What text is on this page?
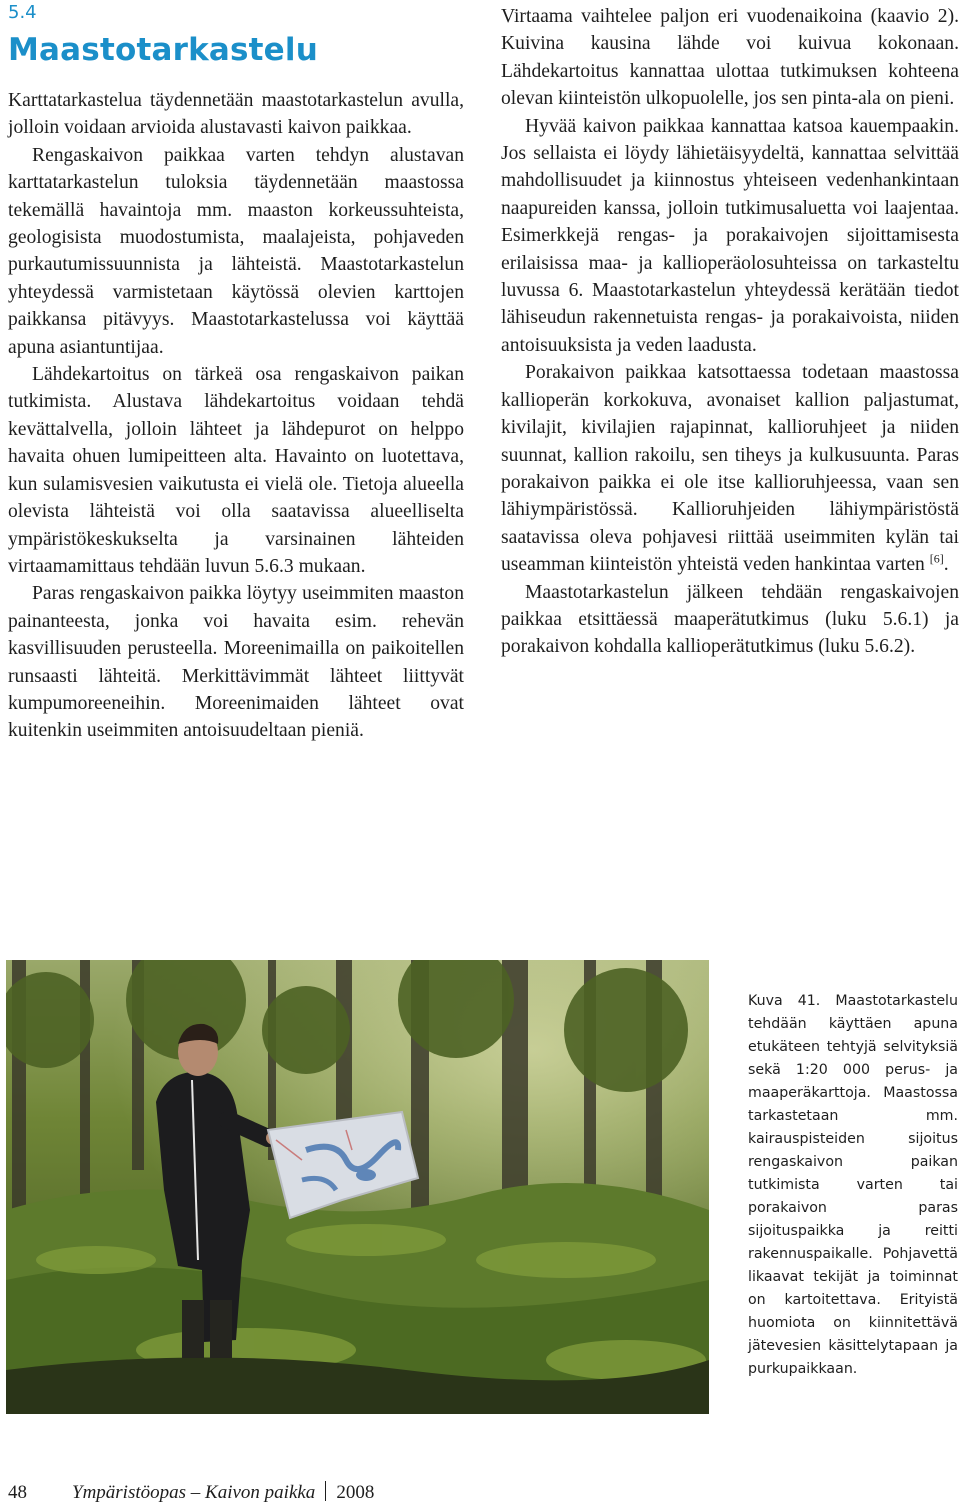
5.4
Maastotarkastelu

Karttatarkastelua täydennetään maastotarkastelun avulla, jolloin voidaan arvioida alustavasti kaivon paikkaa.

Rengaskaivon paikkaa varten tehdyn alustavan karttatarkastelun tuloksia täydennetään maastossa tekemällä havaintoja mm. maaston korkeussuhteista, geologisista muodostumista, maalajeista, pohjaveden purkautumissuunnista ja lähteistä. Maastotarkastelun yhteydessä varmistetaan käytössä olevien karttojen paikkansa pitävyys. Maastotarkastelussa voi käyttää apuna asiantuntijaa.

Lähdekartoitus on tärkeä osa rengaskaivon paikan tutkimista. Alustava lähdekartoitus voidaan tehdä kevättalvella, jolloin lähteet ja lähdepurot on helppo havaita ohuen lumipeitteen alta. Havainto on luotettava, kun sulamisvesien vaikutusta ei vielä ole. Tietoja alueella olevista lähteistä voi olla saatavissa alueelliselta ympäristökeskukselta ja varsinainen lähteiden virtaamamittaus tehdään luvun 5.6.3 mukaan.

Paras rengaskaivon paikka löytyy useimmiten maaston painanteesta, jonka voi havaita esim. rehevän kasvillisuuden perusteella. Moreenimailla on paikoitellen runsaasti lähteitä. Merkittävimmät lähteet liittyvät kumpumoreeneihin. Moreenimaiden lähteet ovat kuitenkin useimmiten antoisuudeltaan pieniä.

Virtaama vaihtelee paljon eri vuodenaikoina (kaavio 2). Kuivina kausina lähde voi kuivua kokonaan. Lähdekartoitus kannattaa ulottaa tutkimuksen kohteena olevan kiinteistön ulkopuolelle, jos sen pinta-ala on pieni.

Hyvää kaivon paikkaa kannattaa katsoa kauempaakin. Jos sellaista ei löydy lähietäisyydeltä, kannattaa selvittää mahdollisuudet ja kiinnostus yhteiseen vedenhankintaan naapureiden kanssa, jolloin tutkimusaluetta voi laajentaa. Esimerkkejä rengas- ja porakaivojen sijoittamisesta erilaisissa maa- ja kallioperäolosuhteissa on tarkasteltu luvussa 6. Maastotarkastelun yhteydessä kerätään tiedot lähiseudun rakennetuista rengas- ja porakaivoista, niiden antoisuuksista ja veden laadusta.

Porakaivon paikkaa katsottaessa todetaan maastossa kallioperän korkokuva, avonaiset kallion paljastumat, kivilajit, kivilajien rajapinnat, kallioruhjeet ja niiden suunnat, kallion rakoilu, sen tiheys ja kulkusuunta. Paras porakaivon paikka ei ole itse kallioruhjeessa, vaan sen lähiympäristössä. Kallioruhjeiden lähiympäristöstä saatavissa oleva pohjavesi riittää useimmiten kylän tai useamman kiinteistön yhteistä veden hankintaa varten [6].

Maastotarkastelun jälkeen tehdään rengaskaivojen paikkaa etsittäessä maaperätutkimus (luku 5.6.1) ja porakaivon kohdalla kallioperätutkimus (luku 5.6.2).

Kuva 41. Maastotarkastelu tehdään käyttäen apuna etukäteen tehtyjä selvityksiä sekä 1:20 000 perus- ja maaperäkarttoja. Maastossa tarkastetaan mm. kairauspisteiden sijoitus rengaskaivon paikan tutkimista varten tai porakaivon paras sijoituspaikka ja reitti rakennuspaikalle. Pohjavettä likaavat tekijät ja toiminnat on kartoitettava. Erityistä huomiota on kiinnitettävä jätevesien käsittelytapaan ja purkupaikkaan.
48 Ympäristöopas – Kaivon paikka 2008
